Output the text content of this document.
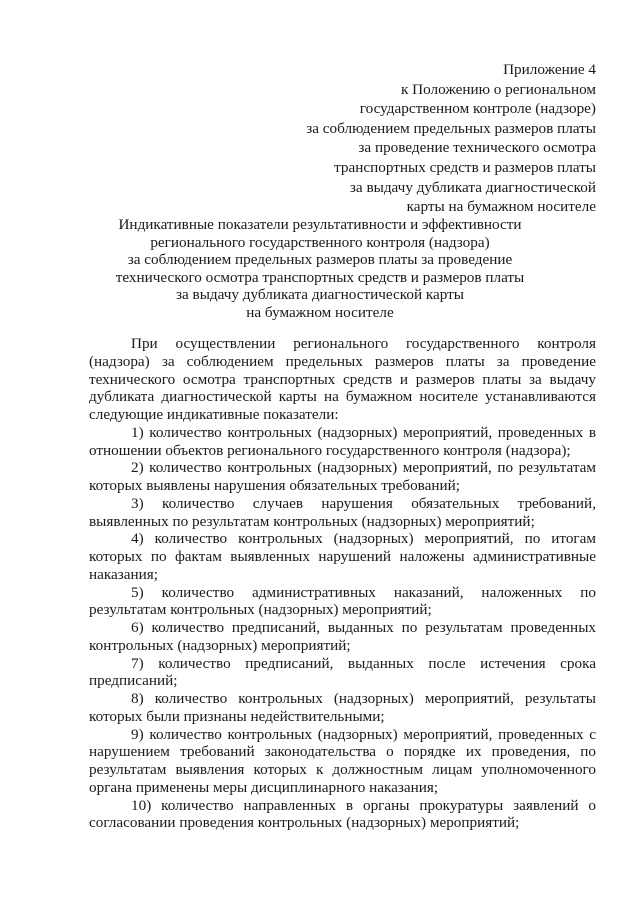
Приложение 4
к Положению о региональном
государственном контроле (надзоре)
за соблюдением предельных размеров платы
за проведение технического осмотра
транспортных средств и размеров платы
за выдачу дубликата диагностической
карты на бумажном носителе
Индикативные показатели результативности и эффективности
регионального государственного контроля (надзора)
за соблюдением предельных размеров платы за проведение
технического осмотра транспортных средств и размеров платы
за выдачу дубликата диагностической карты
на бумажном носителе

При осуществлении регионального государственного контроля (надзора) за соблюдением предельных размеров платы за проведение технического осмотра транспортных средств и размеров платы за выдачу дубликата диагностической карты на бумажном носителе устанавливаются следующие индикативные показатели:

1) количество контрольных (надзорных) мероприятий, проведенных в отношении объектов регионального государственного контроля (надзора);

2) количество контрольных (надзорных) мероприятий, по результатам которых выявлены нарушения обязательных требований;

3) количество случаев нарушения обязательных требований, выявленных по результатам контрольных (надзорных) мероприятий;

4) количество контрольных (надзорных) мероприятий, по итогам которых по фактам выявленных нарушений наложены административные наказания;

5) количество административных наказаний, наложенных по результатам контрольных (надзорных) мероприятий;

6) количество предписаний, выданных по результатам проведенных контрольных (надзорных) мероприятий;

7) количество предписаний, выданных после истечения срока предписаний;

8) количество контрольных (надзорных) мероприятий, результаты которых были признаны недействительными;

9) количество контрольных (надзорных) мероприятий, проведенных с нарушением требований законодательства о порядке их проведения, по результатам выявления которых к должностным лицам уполномоченного органа применены меры дисциплинарного наказания;

10) количество направленных в органы прокуратуры заявлений о согласовании проведения контрольных (надзорных) мероприятий;
